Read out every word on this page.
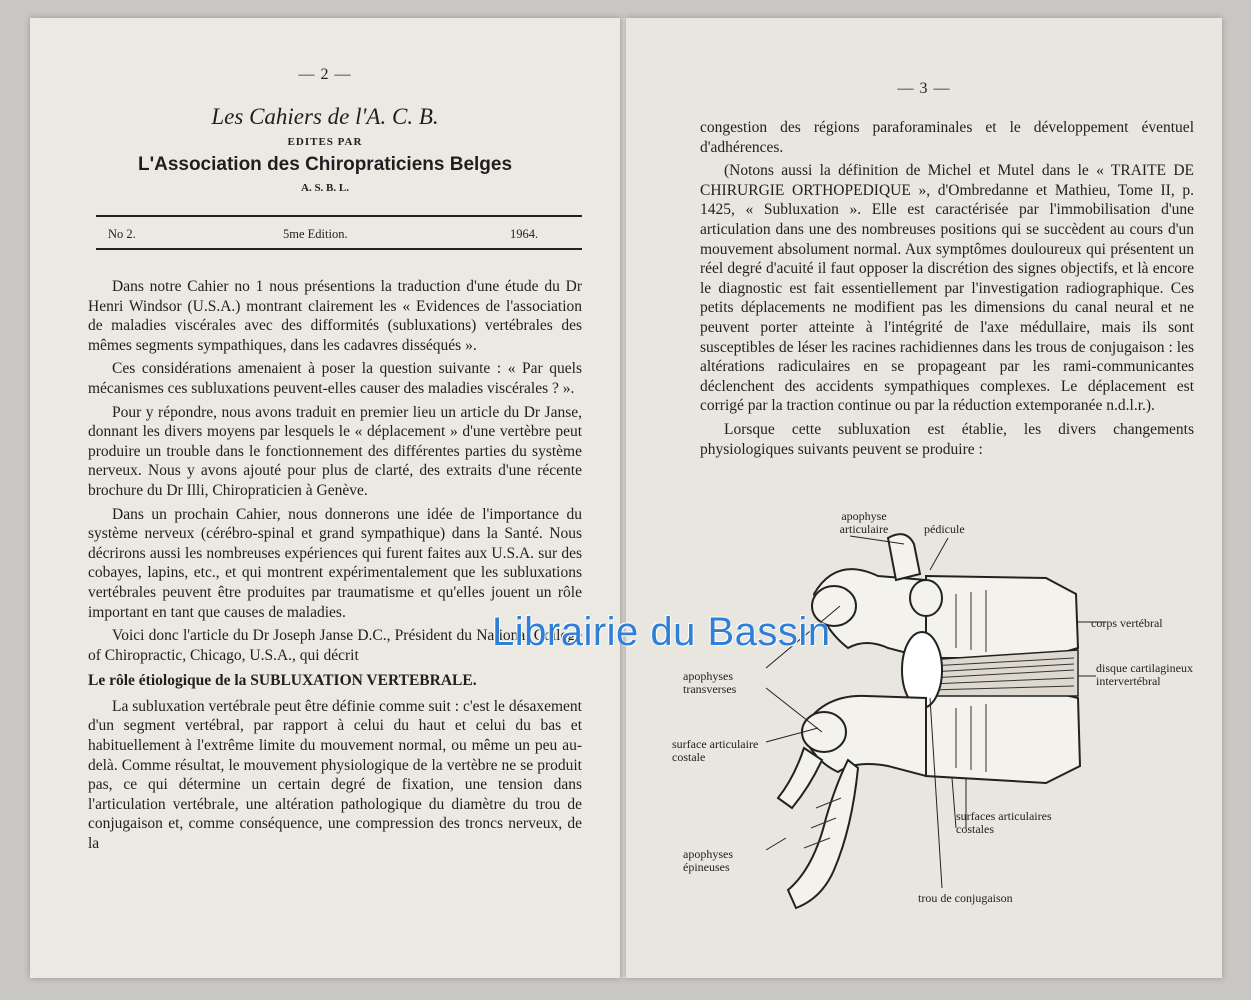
— 2 —
Les Cahiers de l'A. C. B.
EDITES PAR
L'Association des Chiropraticiens Belges
A. S. B. L.
No 2.	5me Edition.	1964.

Dans notre Cahier no 1 nous présentions la traduction d'une étude du Dr Henri Windsor (U.S.A.) montrant clairement les « Evidences de l'association de maladies viscérales avec des difformités (subluxations) vertébrales des mêmes segments sympathiques, dans les cadavres disséqués ».

Ces considérations amenaient à poser la question suivante : « Par quels mécanismes ces subluxations peuvent-elles causer des maladies viscérales ? ».

Pour y répondre, nous avons traduit en premier lieu un article du Dr Janse, donnant les divers moyens par lesquels le « déplacement » d'une vertèbre peut produire un trouble dans le fonctionnement des différentes parties du système nerveux. Nous y avons ajouté pour plus de clarté, des extraits d'une récente brochure du Dr Illi, Chiropraticien à Genève.

Dans un prochain Cahier, nous donnerons une idée de l'importance du système nerveux (cérébro-spinal et grand sympathique) dans la Santé. Nous décrirons aussi les nombreuses expériences qui furent faites aux U.S.A. sur des cobayes, lapins, etc., et qui montrent expérimentalement que les subluxations vertébrales peuvent être produites par traumatisme et qu'elles jouent un rôle important en tant que causes de maladies.

Voici donc l'article du Dr Joseph Janse D.C., Président du National College of Chiropractic, Chicago, U.S.A., qui décrit

Le rôle étiologique de la SUBLUXATION VERTEBRALE.

La subluxation vertébrale peut être définie comme suit : c'est le désaxement d'un segment vertébral, par rapport à celui du haut et celui du bas et habituellement à l'extrême limite du mouvement normal, ou même un peu au-delà. Comme résultat, le mouvement physiologique de la vertèbre ne se produit pas, ce qui détermine un certain degré de fixation, une tension dans l'articulation vertébrale, une altération pathologique du diamètre du trou de conjugaison et, comme conséquence, une compression des troncs nerveux, de la

— 3 —

congestion des régions paraforaminales et le développement éventuel d'adhérences.

(Notons aussi la définition de Michel et Mutel dans le « TRAITE DE CHIRURGIE ORTHOPEDIQUE », d'Ombredanne et Mathieu, Tome II, p. 1425, « Subluxation ». Elle est caractérisée par l'immobilisation d'une articulation dans une des nombreuses positions qui se succèdent au cours d'un mouvement absolument normal. Aux symptômes douloureux qui présentent un réel degré d'acuité il faut opposer la discrétion des signes objectifs, et là encore le diagnostic est fait essentiellement par l'investigation radiographique. Ces petits déplacements ne modifient pas les dimensions du canal neural et ne peuvent porter atteinte à l'intégrité de l'axe médullaire, mais ils sont susceptibles de léser les racines rachidiennes dans les trous de conjugaison : les altérations radiculaires en se propageant par les rami-communicantes déclenchent des accidents sympathiques complexes. Le déplacement est corrigé par la traction continue ou par la réduction extemporanée n.d.l.r.).

Lorsque cette subluxation est établie, les divers changements physiologiques suivants peuvent se produire :

apophyse articulaire	pédicule
corps vertébral
disque cartilagineux intervertébral
apophyses transverses
surface articulaire costale
surfaces articulaires costales
apophyses épineuses
trou de conjugaison
Librairie du Bassin
